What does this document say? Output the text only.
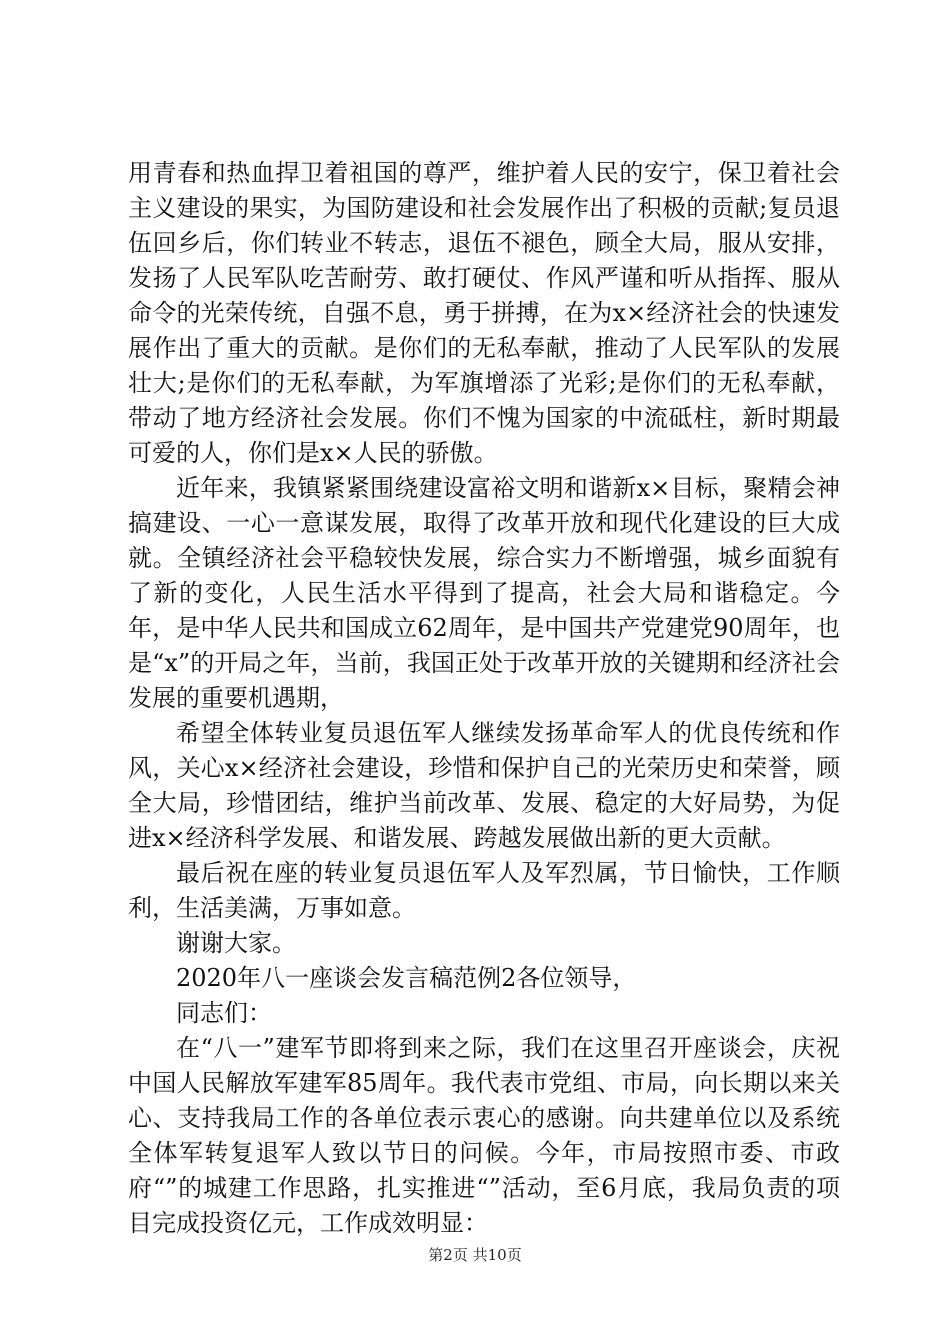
用青春和热血捍卫着祖国的尊严，维护着人民的安宁，保卫着社会主义建设的果实，为国防建设和社会发展作出了积极的贡献;复员退伍回乡后，你们转业不转志，退伍不褪色，顾全大局，服从安排，发扬了人民军队吃苦耐劳、敢打硬仗、作风严谨和听从指挥、服从命令的光荣传统，自强不息，勇于拼搏，在为x×经济社会的快速发展作出了重大的贡献。是你们的无私奉献，推动了人民军队的发展壮大;是你们的无私奉献，为军旗增添了光彩;是你们的无私奉献，带动了地方经济社会发展。你们不愧为国家的中流砥柱，新时期最可爱的人，你们是x×人民的骄傲。

近年来，我镇紧紧围绕建设富裕文明和谐新x×目标，聚精会神搞建设、一心一意谋发展，取得了改革开放和现代化建设的巨大成就。全镇经济社会平稳较快发展，综合实力不断增强，城乡面貌有了新的变化，人民生活水平得到了提高，社会大局和谐稳定。今年，是中华人民共和国成立62周年，是中国共产党建党90周年，也是“x”的开局之年，当前，我国正处于改革开放的关键期和经济社会发展的重要机遇期，

希望全体转业复员退伍军人继续发扬革命军人的优良传统和作风，关心x×经济社会建设，珍惜和保护自己的光荣历史和荣誉，顾全大局，珍惜团结，维护当前改革、发展、稳定的大好局势，为促进x×经济科学发展、和谐发展、跨越发展做出新的更大贡献。

最后祝在座的转业复员退伍军人及军烈属，节日愉快，工作顺利，生活美满，万事如意。

谢谢大家。

2020年八一座谈会发言稿范例2各位领导，

同志们：

在“八一”建军节即将到来之际，我们在这里召开座谈会，庆祝中国人民解放军建军85周年。我代表市党组、市局，向长期以来关心、支持我局工作的各单位表示衷心的感谢。向共建单位以及系统全体军转复退军人致以节日的问候。今年，市局按照市委、市政府“”的城建工作思路，扎实推进“”活动，至6月底，我局负责的项目完成投资亿元，工作成效明显：

第2页 共10页
